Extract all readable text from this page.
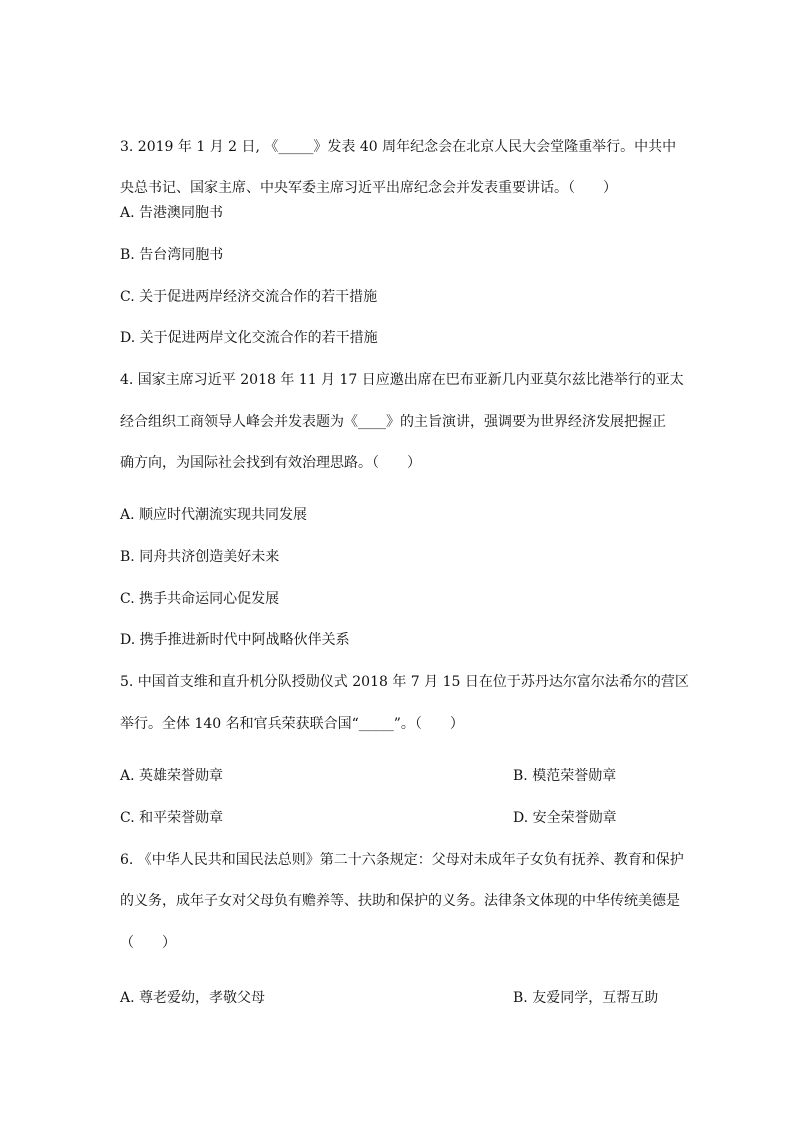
3. 2019 年 1 月 2 日, 《_____》发表 40 周年纪念会在北京人民大会堂隆重举行。中共中
央总书记、国家主席、中央军委主席习近平出席纪念会并发表重要讲话。（　　）
A. 告港澳同胞书
B. 告台湾同胞书
C. 关于促进两岸经济交流合作的若干措施
D. 关于促进两岸文化交流合作的若干措施
4. 国家主席习近平 2018 年 11 月 17 日应邀出席在巴布亚新几内亚莫尔兹比港举行的亚太
经合组织工商领导人峰会并发表题为《____》的主旨演讲，强调要为世界经济发展把握正
确方向，为国际社会找到有效治理思路。（　　）
A. 顺应时代潮流实现共同发展
B. 同舟共济创造美好未来
C. 携手共命运同心促发展
D. 携手推进新时代中阿战略伙伴关系
5. 中国首支维和直升机分队授勋仪式 2018 年 7 月 15 日在位于苏丹达尔富尔法希尔的营区
举行。全体 140 名和官兵荣获联合国“_____”。（　　）
A. 英雄荣誉勋章	B. 模范荣誉勋章
C. 和平荣誉勋章	D. 安全荣誉勋章
6. 《中华人民共和国民法总则》第二十六条规定：父母对未成年子女负有抚养、教育和保护
的义务，成年子女对父母负有赡养等、扶助和保护的义务。法律条文体现的中华传统美德是
（　　）
A. 尊老爱幼，孝敬父母	B. 友爱同学，互帮互助
